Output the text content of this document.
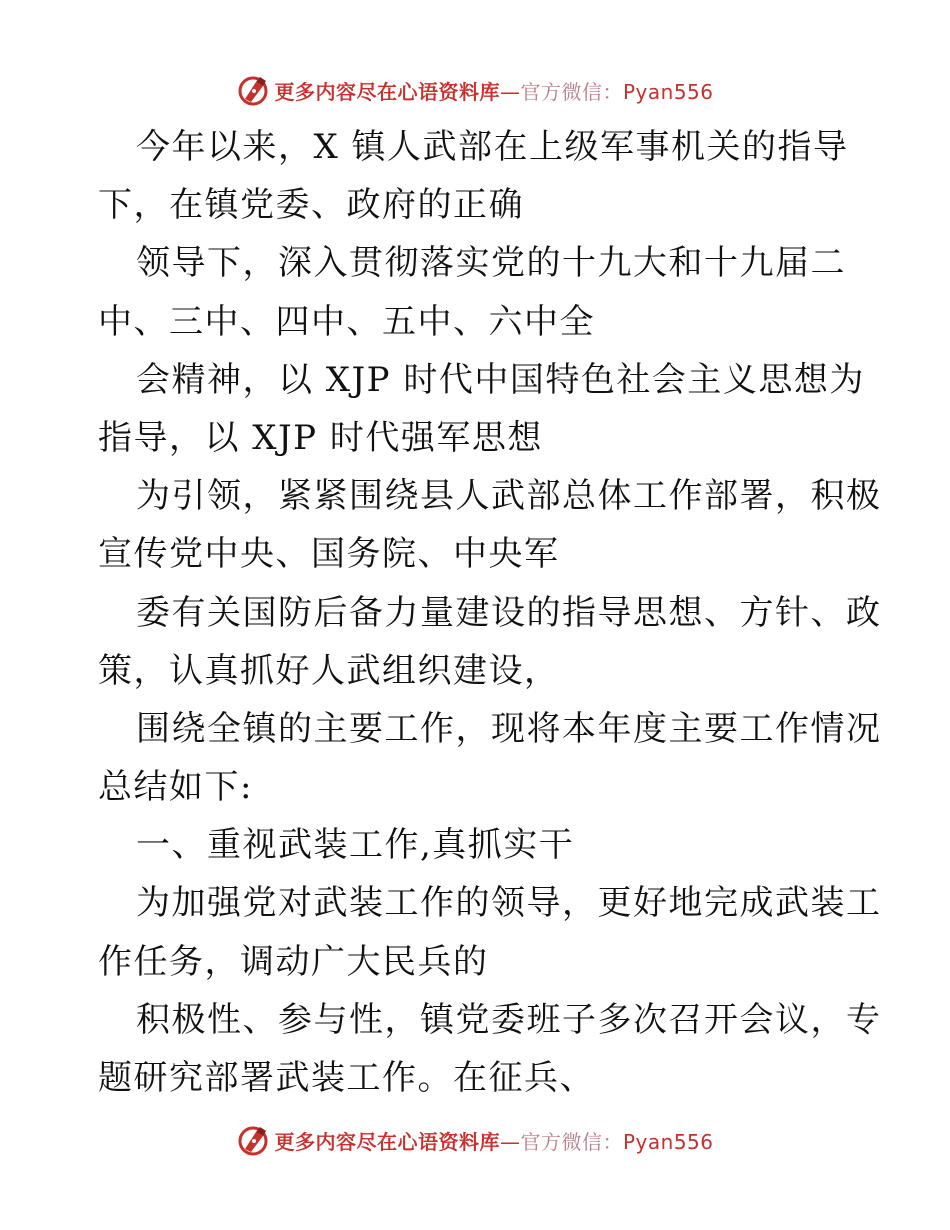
更多内容尽在心语资料库—官方微信：Pyan556
今年以来，X 镇人武部在上级军事机关的指导
下，在镇党委、政府的正确
领导下，深入贯彻落实党的十九大和十九届二
中、三中、四中、五中、六中全
会精神，以 XJP 时代中国特色社会主义思想为
指导，以 XJP 时代强军思想
为引领，紧紧围绕县人武部总体工作部署，积极
宣传党中央、国务院、中央军
委有关国防后备力量建设的指导思想、方针、政
策，认真抓好人武组织建设，
围绕全镇的主要工作，现将本年度主要工作情况
总结如下:
一、重视武装工作,真抓实干
为加强党对武装工作的领导，更好地完成武装工
作任务，调动广大民兵的
积极性、参与性，镇党委班子多次召开会议，专
题研究部署武装工作。在征兵、
更多内容尽在心语资料库—官方微信：Pyan556
